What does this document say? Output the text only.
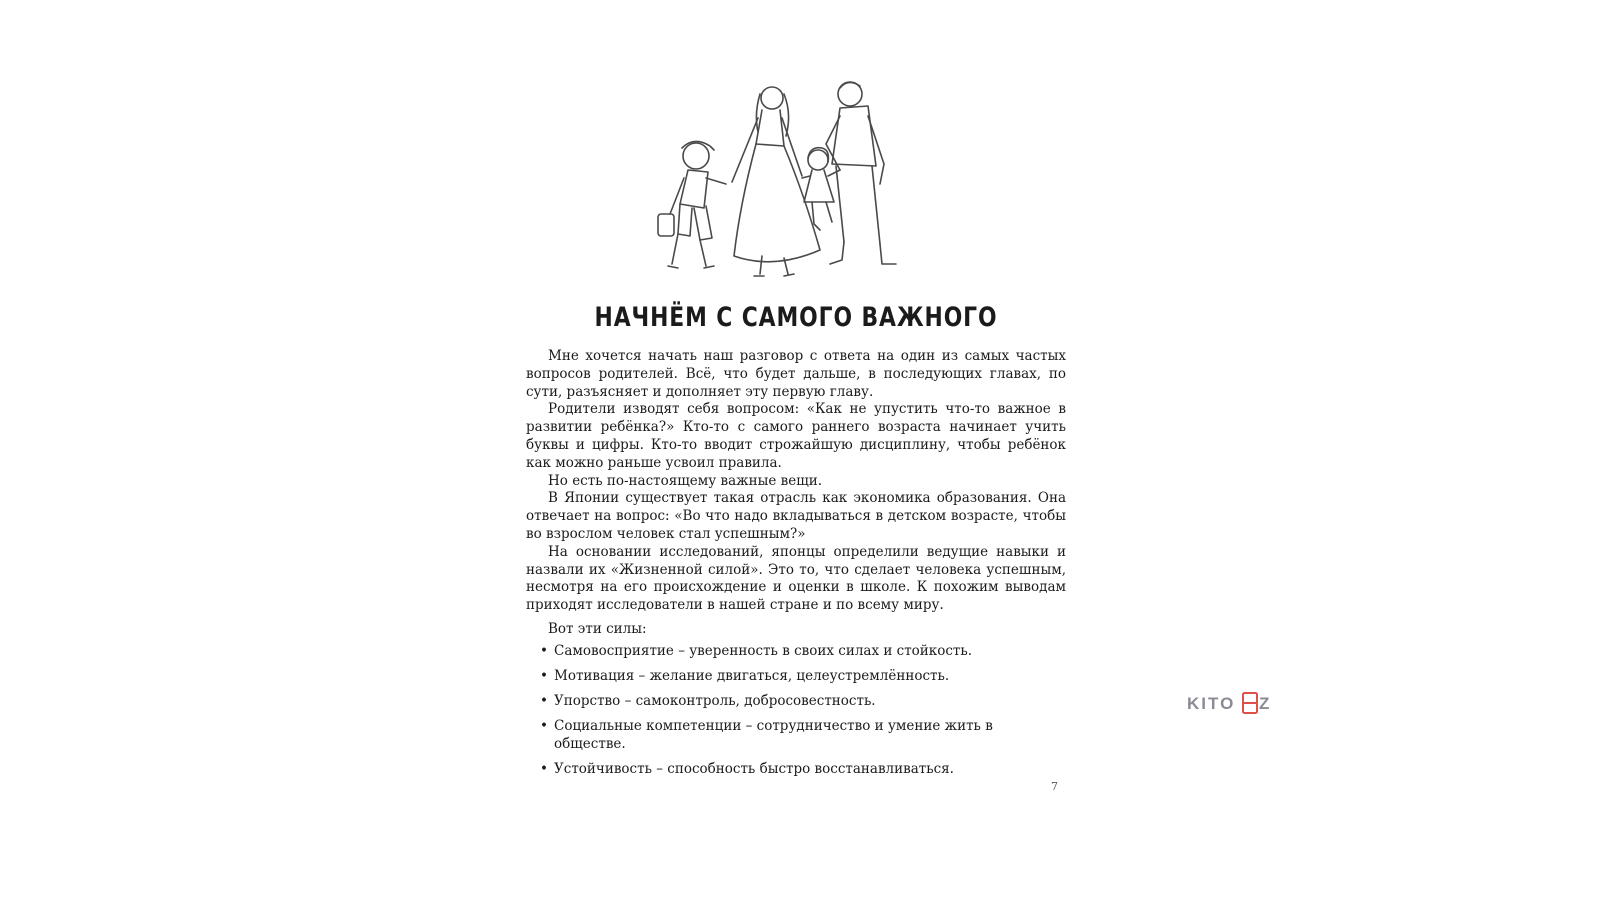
НАЧНЁМ С САМОГО ВАЖНОГО

Мне хочется начать наш разговор с ответа на один из самых частых вопросов родителей. Всё, что будет дальше, в последующих главах, по сути, разъясняет и дополняет эту первую главу.

Родители изводят себя вопросом: «Как не упустить что-то важное в развитии ребёнка?» Кто-то с самого раннего возраста начинает учить буквы и цифры. Кто-то вводит строжайшую дисциплину, чтобы ребёнок как можно раньше усвоил правила.

Но есть по-настоящему важные вещи.

В Японии существует такая отрасль как экономика образования. Она отвечает на вопрос: «Во что надо вкладываться в детском возрасте, чтобы во взрослом человек стал успешным?»

На основании исследований, японцы определили ведущие навыки и назвали их «Жизненной силой». Это то, что сделает человека успешным, несмотря на его происхождение и оценки в школе. К похожим выводам приходят исследователи в нашей стране и по всему миру.

Вот эти силы:

• Самовосприятие – уверенность в своих силах и стойкость.
• Мотивация – желание двигаться, целеустремлённость.
• Упорство – самоконтроль, добросовестность.
• Социальные компетенции – сотрудничество и умение жить в обществе.
• Устойчивость – способность быстро восстанавливаться.
7
KITO Z
